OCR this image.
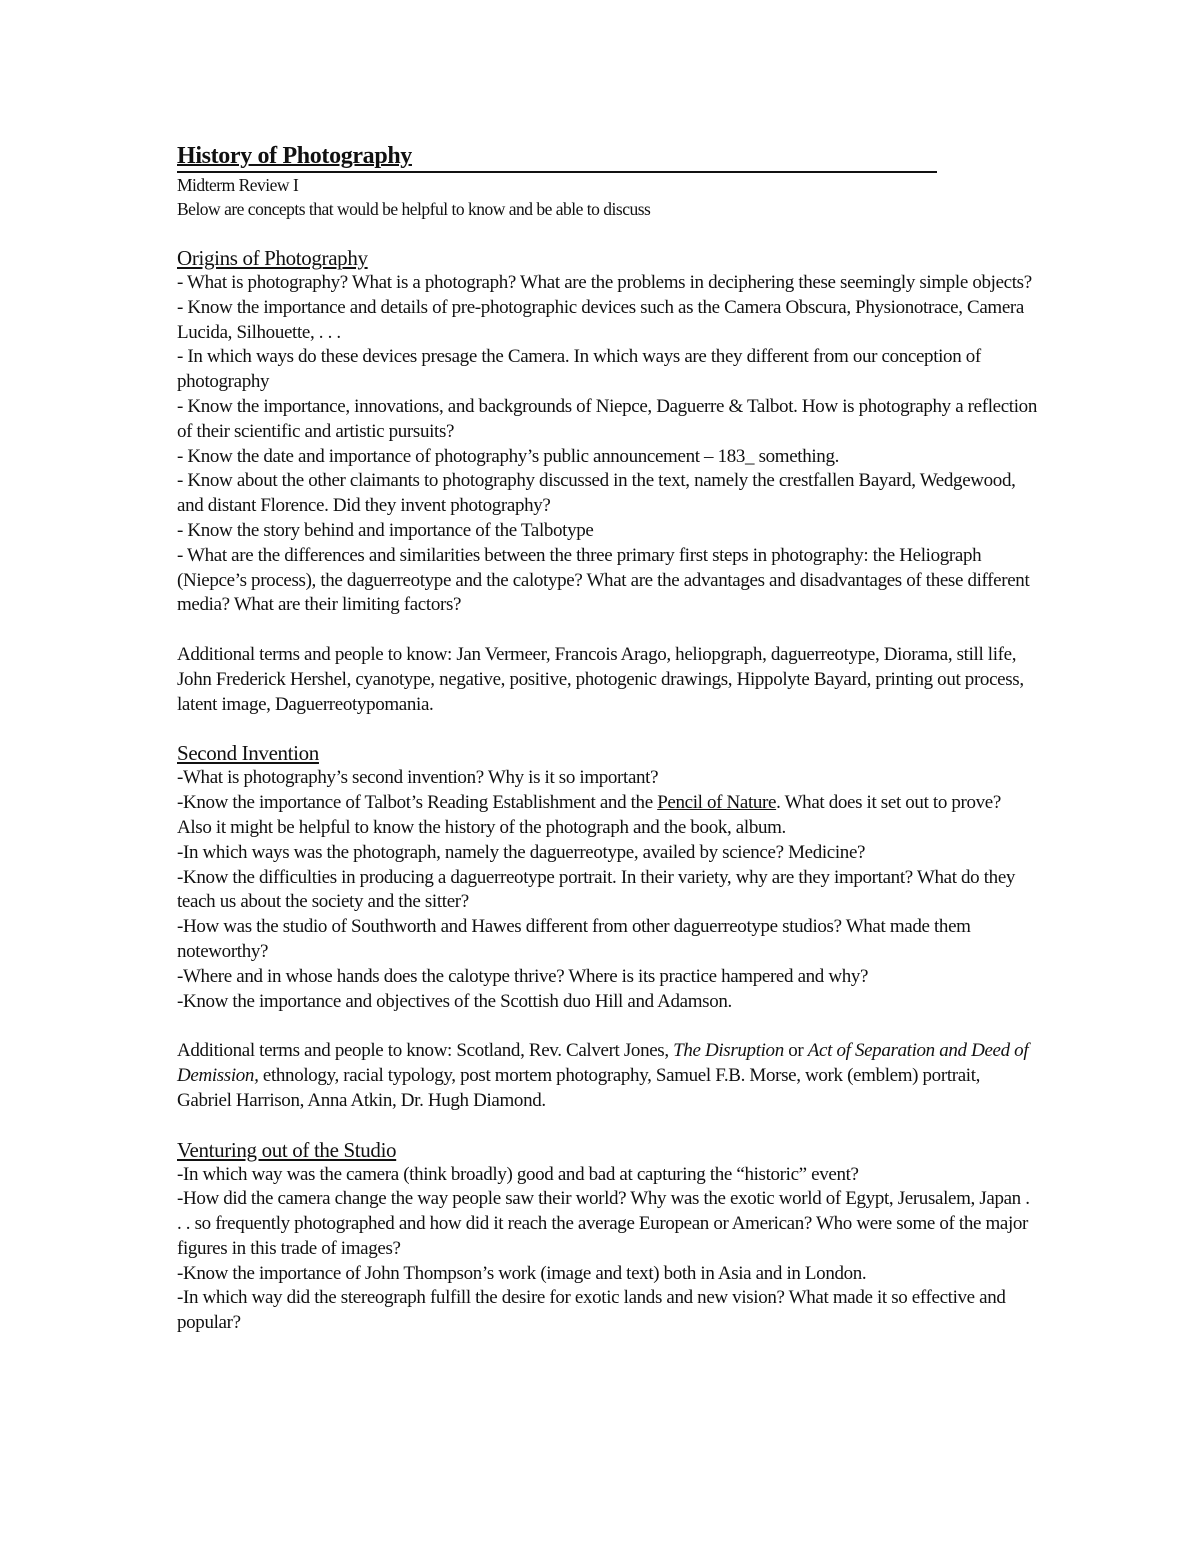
History of Photography
Midterm Review I
Below are concepts that would be helpful to know and be able to discuss
Origins of Photography

- What is photography? What is a photograph? What are the problems in deciphering these seemingly simple objects?

- Know the importance and details of pre-photographic devices such as the Camera Obscura, Physionotrace, Camera Lucida, Silhouette, . . .

- In which ways do these devices presage the Camera. In which ways are they different from our conception of photography

- Know the importance, innovations, and backgrounds of Niepce, Daguerre & Talbot. How is photography a reflection of their scientific and artistic pursuits?

- Know the date and importance of photography’s public announcement – 183_ something.

- Know about the other claimants to photography discussed in the text, namely the crestfallen Bayard, Wedgewood, and distant Florence. Did they invent photography?

- Know the story behind and importance of the Talbotype

- What are the differences and similarities between the three primary first steps in photography: the Heliograph (Niepce’s process), the daguerreotype and the calotype? What are the advantages and disadvantages of these different media? What are their limiting factors?

Additional terms and people to know: Jan Vermeer, Francois Arago, heliopgraph, daguerreotype, Diorama, still life, John Frederick Hershel, cyanotype, negative, positive, photogenic drawings, Hippolyte Bayard, printing out process, latent image, Daguerreotypomania.

Second Invention

-What is photography’s second invention? Why is it so important?

-Know the importance of Talbot’s Reading Establishment and the Pencil of Nature. What does it set out to prove? Also it might be helpful to know the history of the photograph and the book, album.

-In which ways was the photograph, namely the daguerreotype, availed by science? Medicine?

-Know the difficulties in producing a daguerreotype portrait. In their variety, why are they important? What do they teach us about the society and the sitter?

-How was the studio of Southworth and Hawes different from other daguerreotype studios? What made them noteworthy?

-Where and in whose hands does the calotype thrive? Where is its practice hampered and why?

-Know the importance and objectives of the Scottish duo Hill and Adamson.

Additional terms and people to know: Scotland, Rev. Calvert Jones, The Disruption or Act of Separation and Deed of Demission, ethnology, racial typology, post mortem photography, Samuel F.B. Morse, work (emblem) portrait, Gabriel Harrison, Anna Atkin, Dr. Hugh Diamond.

Venturing out of the Studio

-In which way was the camera (think broadly) good and bad at capturing the “historic” event?

-How did the camera change the way people saw their world? Why was the exotic world of Egypt, Jerusalem, Japan . . . so frequently photographed and how did it reach the average European or American? Who were some of the major figures in this trade of images?

-Know the importance of John Thompson’s work (image and text) both in Asia and in London.

-In which way did the stereograph fulfill the desire for exotic lands and new vision? What made it so effective and popular?
